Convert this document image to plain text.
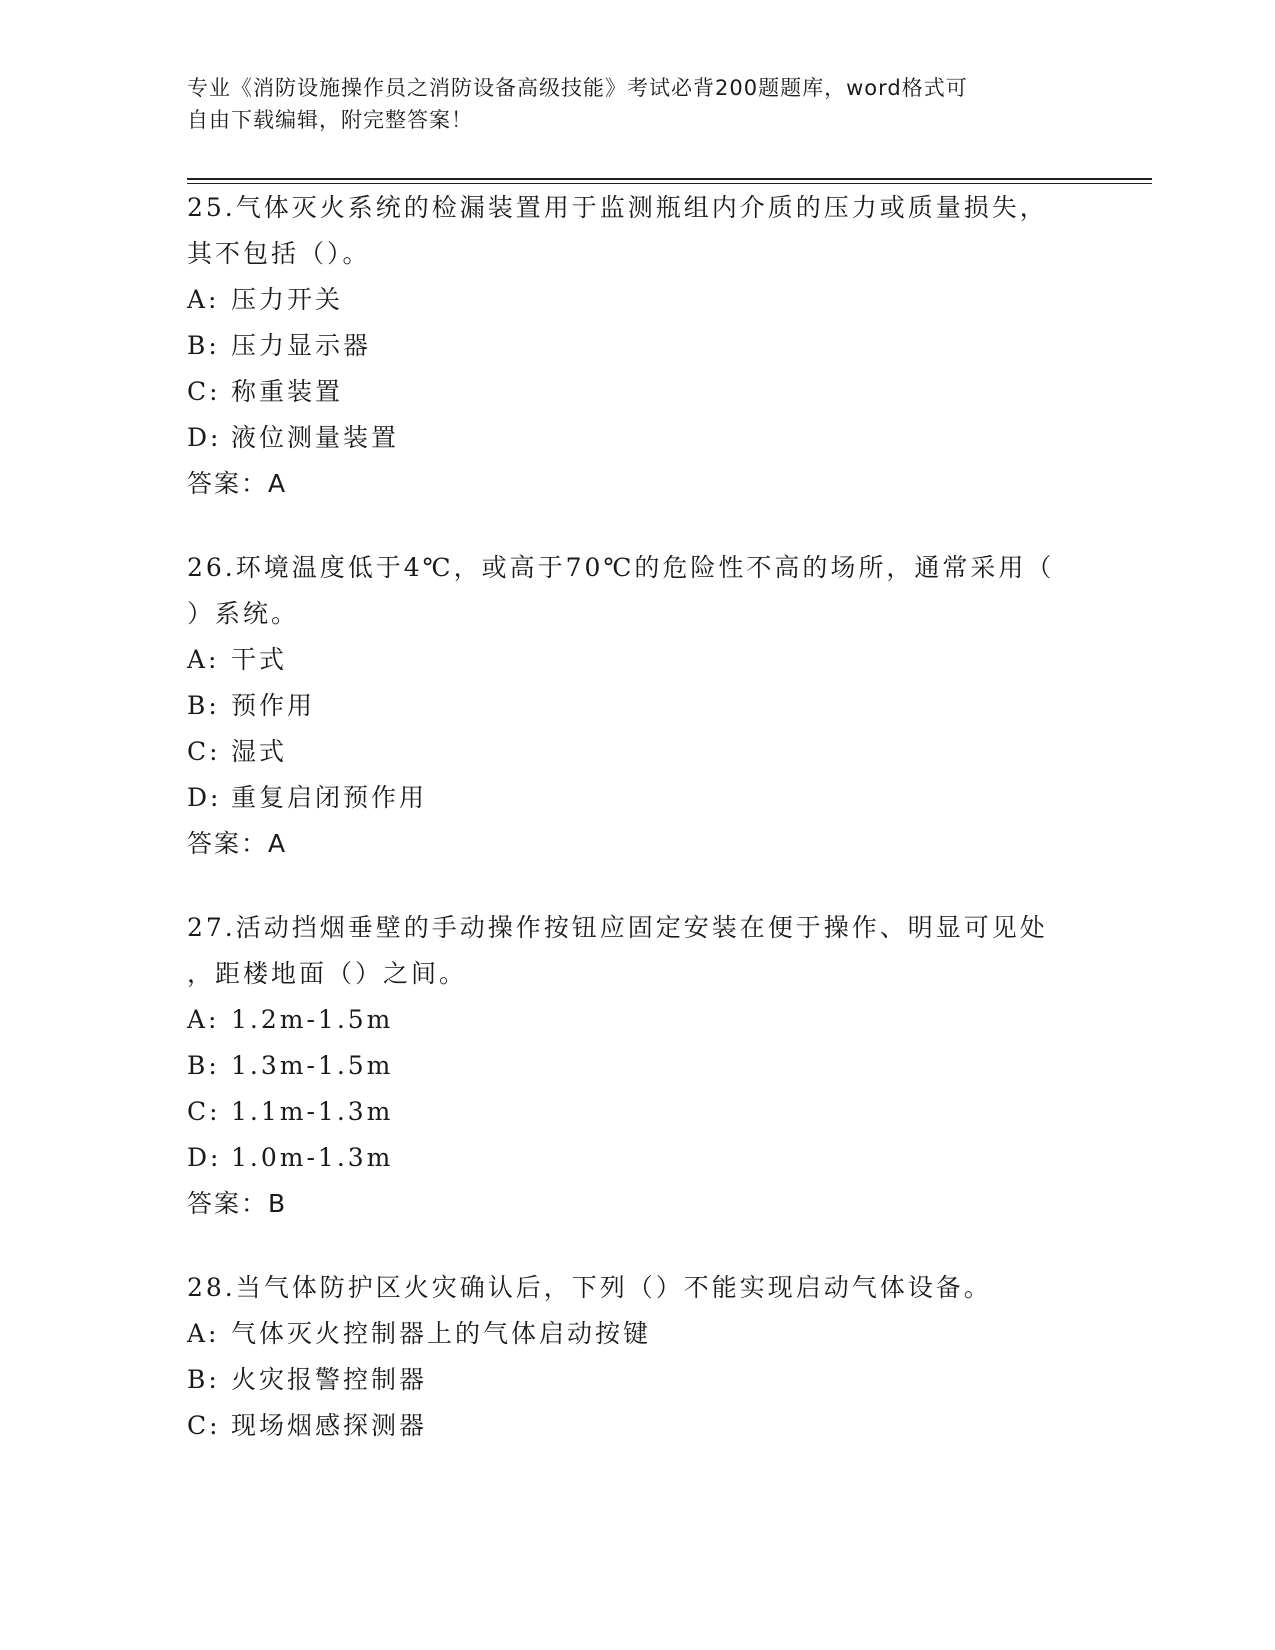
专业《消防设施操作员之消防设备高级技能》考试必背200题题库，word格式可
自由下载编辑，附完整答案！
25.气体灭火系统的检漏装置用于监测瓶组内介质的压力或质量损失，
其不包括（）。
A: 压力开关
B: 压力显示器
C: 称重装置
D: 液位测量装置
答案：A
26.环境温度低于4℃，或高于70℃的危险性不高的场所，通常采用（
）系统。
A: 干式
B: 预作用
C: 湿式
D: 重复启闭预作用
答案：A
27.活动挡烟垂壁的手动操作按钮应固定安装在便于操作、明显可见处
，距楼地面（）之间。
A: 1.2m-1.5m
B: 1.3m-1.5m
C: 1.1m-1.3m
D: 1.0m-1.3m
答案：B
28.当气体防护区火灾确认后，下列（）不能实现启动气体设备。
A: 气体灭火控制器上的气体启动按键
B: 火灾报警控制器
C: 现场烟感探测器
